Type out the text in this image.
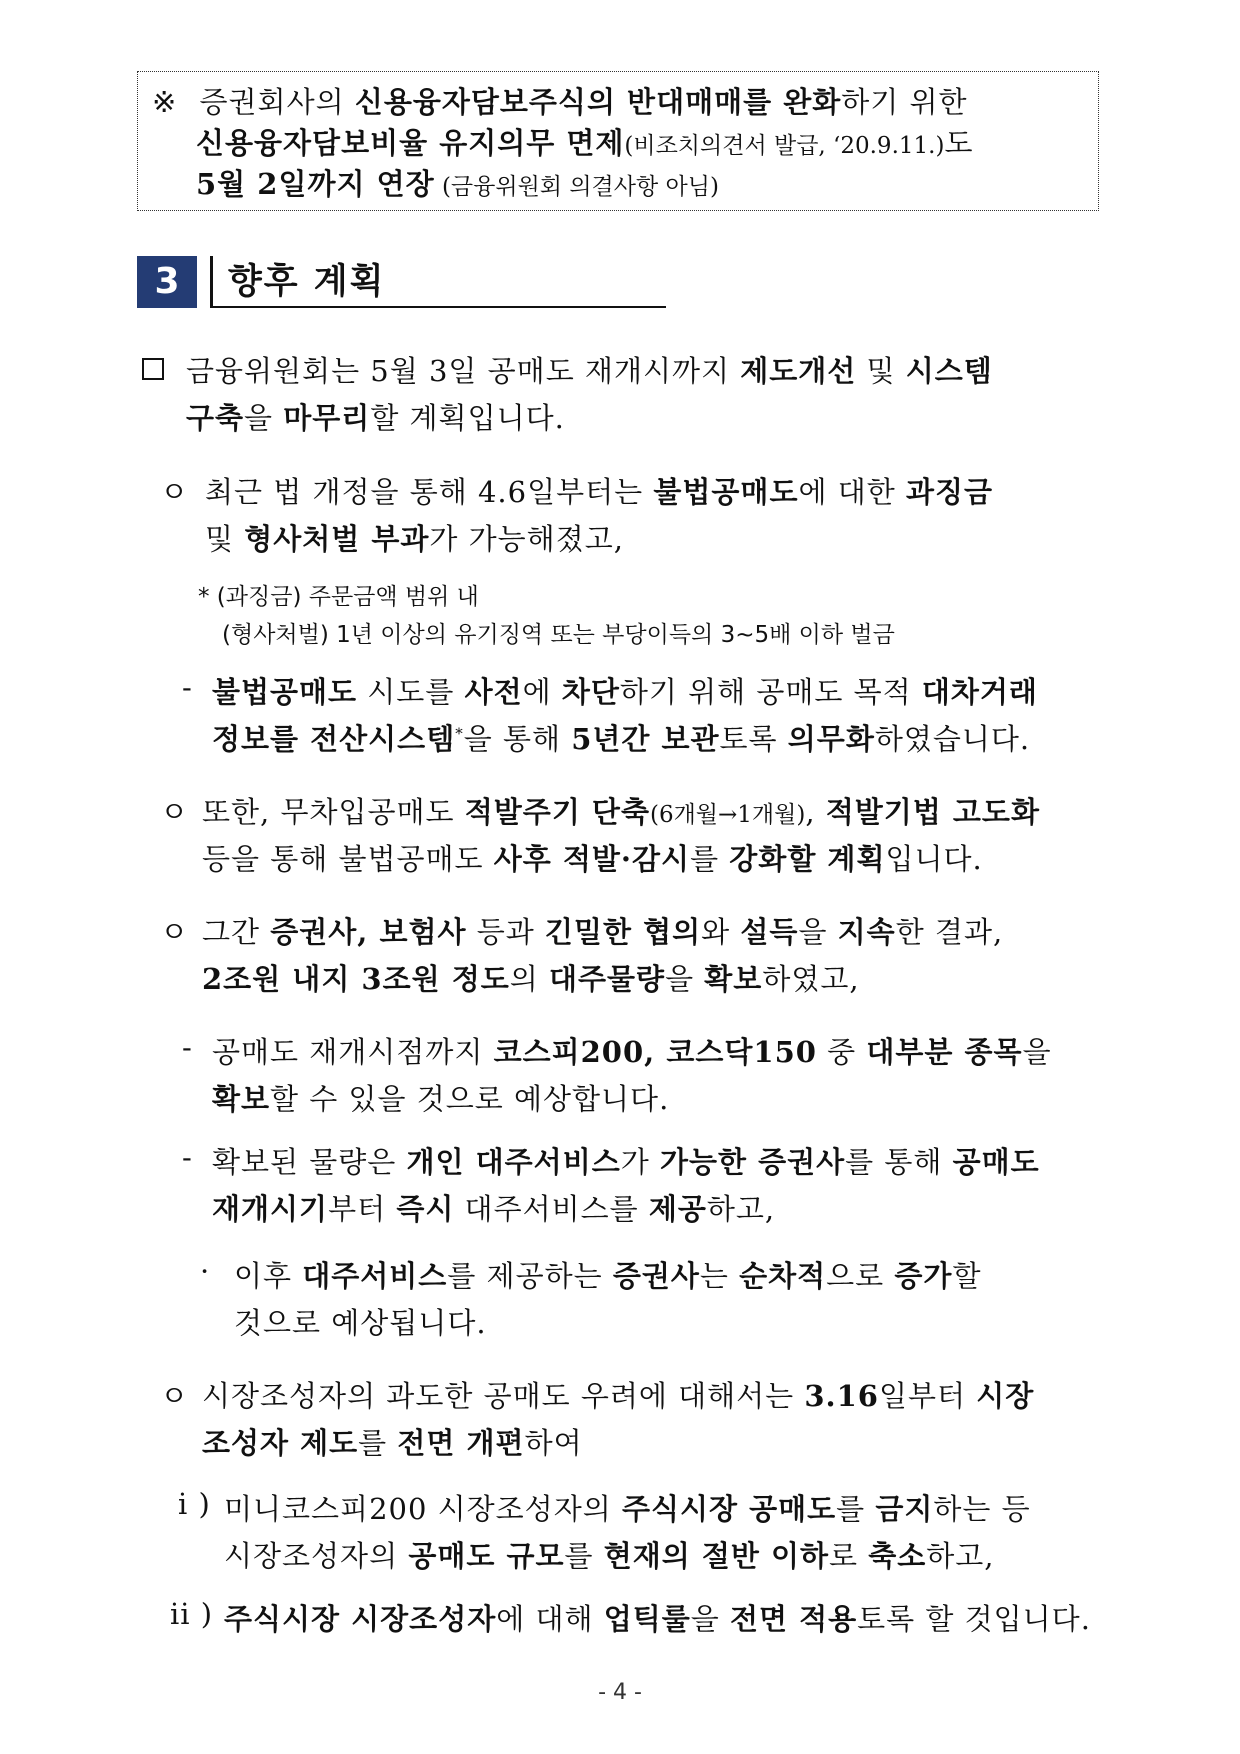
※ 증권회사의 신용융자담보주식의 반대매매를 완화하기 위한
신용융자담보비율 유지의무 면제(비조치의견서 발급, ‘20.9.11.)도
5월 2일까지 연장 (금융위원회 의결사항 아님)
3	향후 계획
금융위원회는 5월 3일 공매도 재개시까지 제도개선 및 시스템
구축을 마무리할 계획입니다.
ㅇ 최근 법 개정을 통해 4.6일부터는 불법공매도에 대한 과징금
및 형사처벌 부과가 가능해졌고,
* (과징금) 주문금액 범위 내
(형사처벌) 1년 이상의 유기징역 또는 부당이득의 3~5배 이하 벌금
- 불법공매도 시도를 사전에 차단하기 위해 공매도 목적 대차거래
정보를 전산시스템*을 통해 5년간 보관토록 의무화하였습니다.
ㅇ 또한, 무차입공매도 적발주기 단축(6개월→1개월), 적발기법 고도화
등을 통해 불법공매도 사후 적발·감시를 강화할 계획입니다.
ㅇ 그간 증권사, 보험사 등과 긴밀한 협의와 설득을 지속한 결과,
2조원 내지 3조원 정도의 대주물량을 확보하였고,
- 공매도 재개시점까지 코스피200, 코스닥150 중 대부분 종목을
확보할 수 있을 것으로 예상합니다.
- 확보된 물량은 개인 대주서비스가 가능한 증권사를 통해 공매도
재개시기부터 즉시 대주서비스를 제공하고,
· 이후 대주서비스를 제공하는 증권사는 순차적으로 증가할
것으로 예상됩니다.
ㅇ 시장조성자의 과도한 공매도 우려에 대해서는 3.16일부터 시장
조성자 제도를 전면 개편하여
i ) 미니코스피200 시장조성자의 주식시장 공매도를 금지하는 등
시장조성자의 공매도 규모를 현재의 절반 이하로 축소하고,
ii ) 주식시장 시장조성자에 대해 업틱룰을 전면 적용토록 할 것입니다.
- 4 -
